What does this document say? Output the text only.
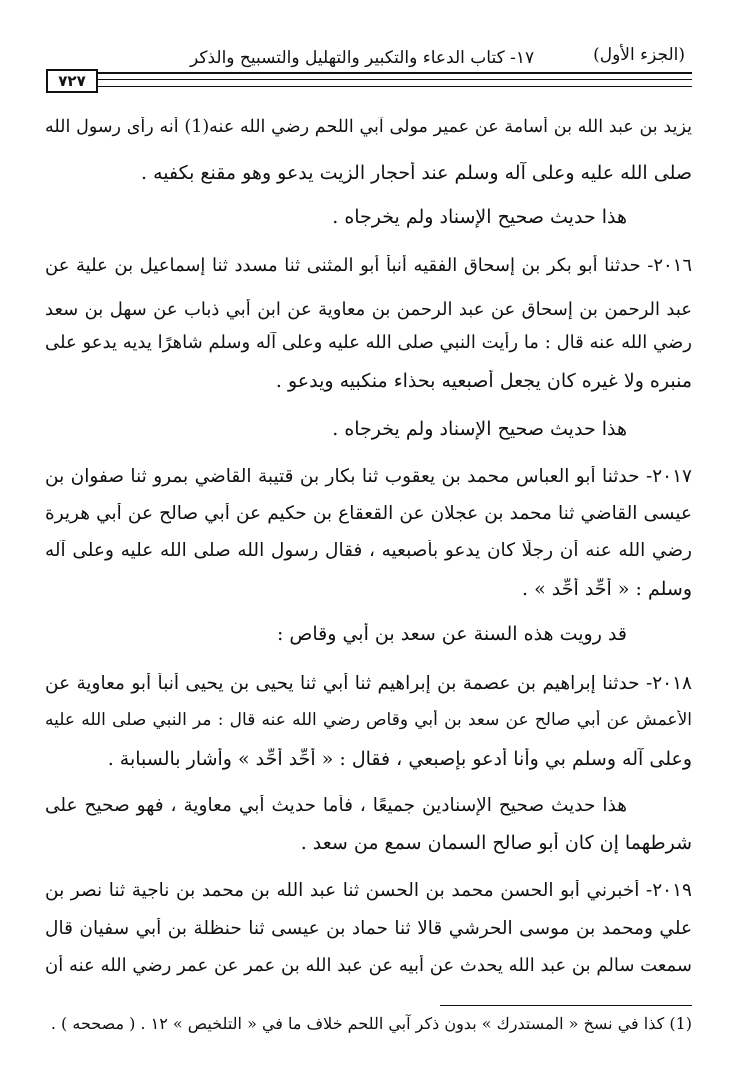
(الجزء الأول)
١٧- كتاب الدعاء والتكبير والتهليل والتسبيح والذكر
٧٢٧
يزيد بن عبد الله بن أسامة عن عمير مولى آبي اللحم رضي الله عنه(1) أنه رأى رسول الله
صلى الله عليه وعلى آله وسلم عند أحجار الزيت يدعو وهو مقنع بكفيه .
هذا حديث صحيح الإسناد ولم يخرجاه .
٢٠١٦- حدثنا أبو بكر بن إسحاق الفقيه أنبأ أبو المثنى ثنا مسدد ثنا إسماعيل بن علية عن
عبد الرحمن بن إسحاق عن عبد الرحمن بن معاوية عن ابن أبي ذباب عن سهل بن سعد
رضي الله عنه قال : ما رأيت النبي صلى الله عليه وعلى آله وسلم شاهرًا يديه يدعو على
منبره ولا غيره كان يجعل أصبعيه بحذاء منكبيه ويدعو .
هذا حديث صحيح الإسناد ولم يخرجاه .
٢٠١٧- حدثنا أبو العباس محمد بن يعقوب ثنا بكار بن قتيبة القاضي بمرو ثنا صفوان بن
عيسى القاضي ثنا محمد بن عجلان عن القعقاع بن حكيم عن أبي صالح عن أبي هريرة
رضي الله عنه أن رجلًا كان يدعو بأصبعيه ، فقال رسول الله صلى الله عليه وعلى آله
وسلم : « أحِّد أحِّد » .
قد رويت هذه السنة عن سعد بن أبي وقاص :
٢٠١٨- حدثنا إبراهيم بن عصمة بن إبراهيم ثنا أبي ثنا يحيى بن يحيى أنبأ أبو معاوية عن
الأعمش عن أبي صالح عن سعد بن أبي وقاص رضي الله عنه قال : مر النبي صلى الله عليه
وعلى آله وسلم بي وأنا أدعو بإصبعي ، فقال : « أحِّد أحِّد » وأشار بالسبابة .
هذا حديث صحيح الإسنادين جميعًا ، فأما حديث أبي معاوية ، فهو صحيح على
شرطهما إن كان أبو صالح السمان سمع من سعد .
٢٠١٩- أخبرني أبو الحسن محمد بن الحسن ثنا عبد الله بن محمد بن ناجية ثنا نصر بن
علي ومحمد بن موسى الحرشي قالا ثنا حماد بن عيسى ثنا حنظلة بن أبي سفيان قال
سمعت سالم بن عبد الله يحدث عن أبيه عن عبد الله بن عمر عن عمر رضي الله عنه أن
(1) كذا في نسخ « المستدرك » بدون ذكر آبي اللحم خلاف ما في « التلخيص » ١٢ . ( مصححه ) .
